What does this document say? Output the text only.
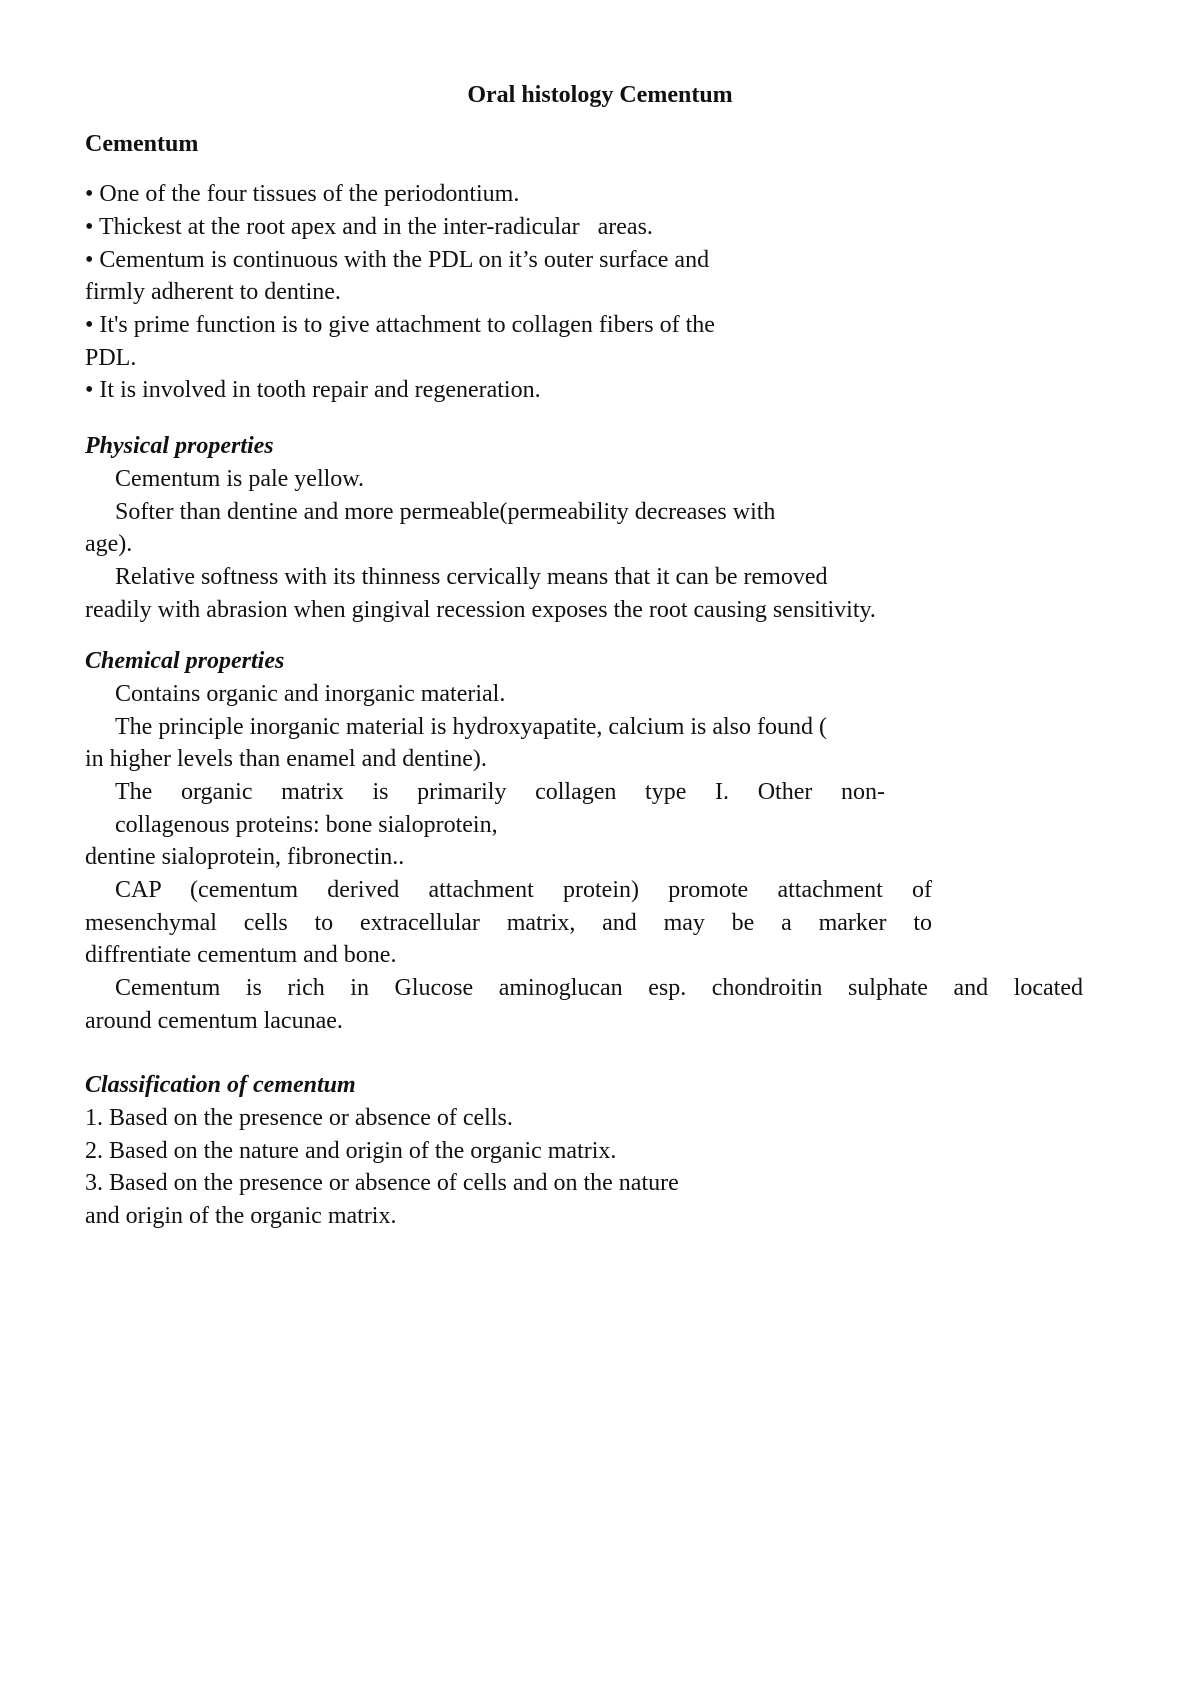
Oral histology Cementum
Cementum
• One of the four tissues of the periodontium.
• Thickest at the root apex and in the inter-radicular   areas.
• Cementum is continuous with the PDL on it’s outer surface and
firmly adherent to dentine.
• It's prime function is to give attachment to collagen fibers of the
PDL.
• It is involved in tooth repair and regeneration.
Physical properties
Cementum is pale yellow.
Softer than dentine and more permeable(permeability decreases with
age).
Relative softness with its thinness cervically means that it can be removed
readily with abrasion when gingival recession exposes the root causing sensitivity.
Chemical properties
Contains organic and inorganic material.
The principle inorganic material is hydroxyapatite, calcium is also found (
in higher levels than enamel and dentine).
The organic matrix is primarily collagen type I. Other non-
collagenous proteins: bone sialoprotein,
dentine sialoprotein, fibronectin..
CAP (cementum derived attachment protein) promote attachment of
mesenchymal cells to extracellular matrix, and may be a marker to
diffrentiate cementum and bone.
Cementum is rich in Glucose aminoglucan esp. chondroitin sulphate and located
around cementum lacunae.
Classification of cementum
1. Based on the presence or absence of cells.
2. Based on the nature and origin of the organic matrix.
3. Based on the presence or absence of cells and on the nature
and origin of the organic matrix.
